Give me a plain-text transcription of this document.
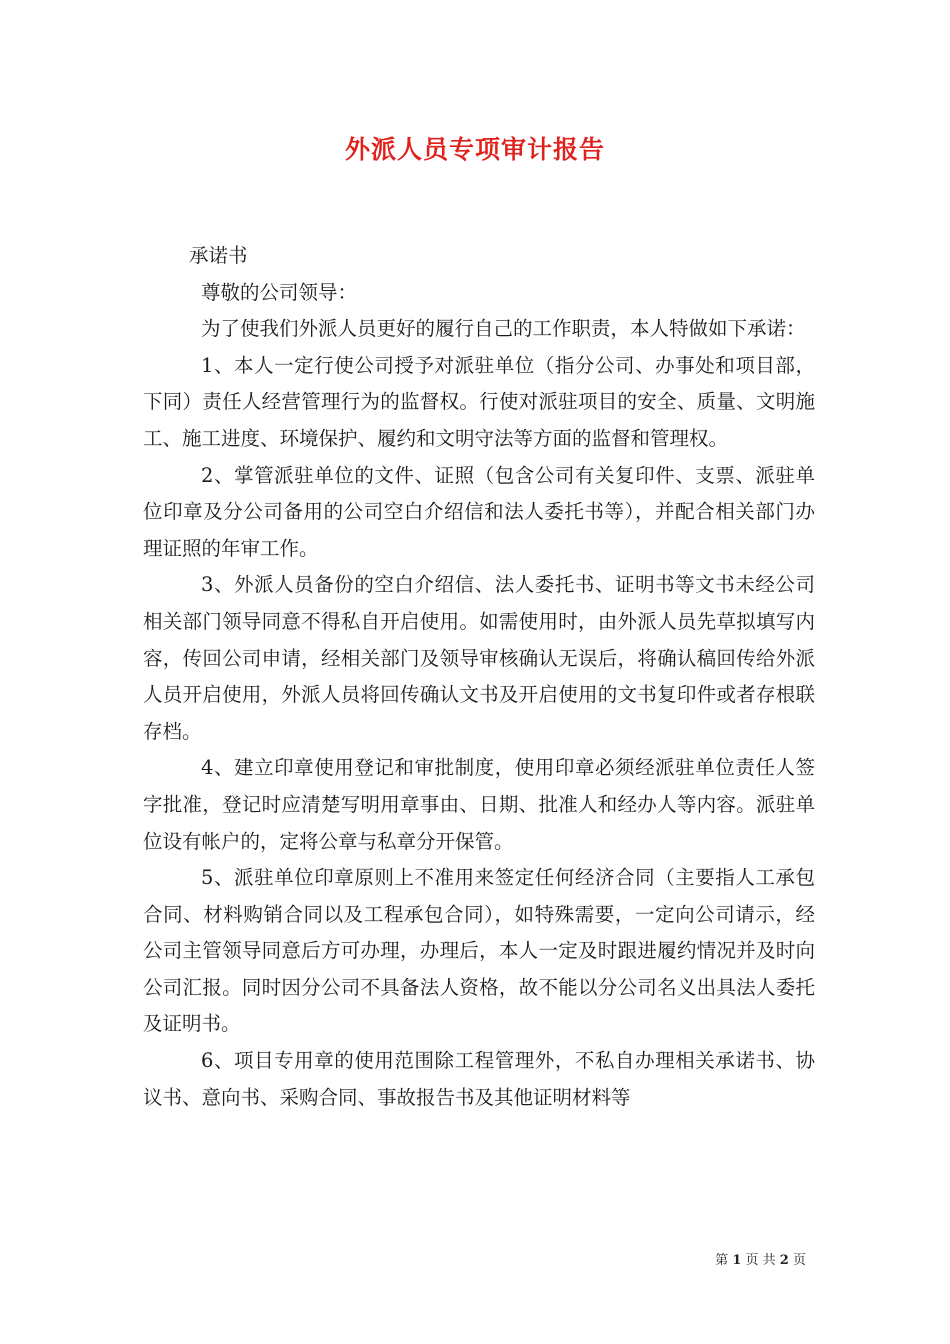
外派人员专项审计报告

承诺书

尊敬的公司领导：

为了使我们外派人员更好的履行自己的工作职责，本人特做如下承诺：

1、本人一定行使公司授予对派驻单位（指分公司、办事处和项目部，下同）责任人经营管理行为的监督权。行使对派驻项目的安全、质量、文明施工、施工进度、环境保护、履约和文明守法等方面的监督和管理权。

2、掌管派驻单位的文件、证照（包含公司有关复印件、支票、派驻单位印章及分公司备用的公司空白介绍信和法人委托书等），并配合相关部门办理证照的年审工作。

3、外派人员备份的空白介绍信、法人委托书、证明书等文书未经公司相关部门领导同意不得私自开启使用。如需使用时，由外派人员先草拟填写内容，传回公司申请，经相关部门及领导审核确认无误后，将确认稿回传给外派人员开启使用，外派人员将回传确认文书及开启使用的文书复印件或者存根联存档。

4、建立印章使用登记和审批制度，使用印章必须经派驻单位责任人签字批准，登记时应清楚写明用章事由、日期、批准人和经办人等内容。派驻单位设有帐户的，定将公章与私章分开保管。

5、派驻单位印章原则上不准用来签定任何经济合同（主要指人工承包合同、材料购销合同以及工程承包合同），如特殊需要，一定向公司请示，经公司主管领导同意后方可办理，办理后，本人一定及时跟进履约情况并及时向公司汇报。同时因分公司不具备法人资格，故不能以分公司名义出具法人委托及证明书。

6、项目专用章的使用范围除工程管理外，不私自办理相关承诺书、协议书、意向书、采购合同、事故报告书及其他证明材料等

第 1 页 共 2 页
